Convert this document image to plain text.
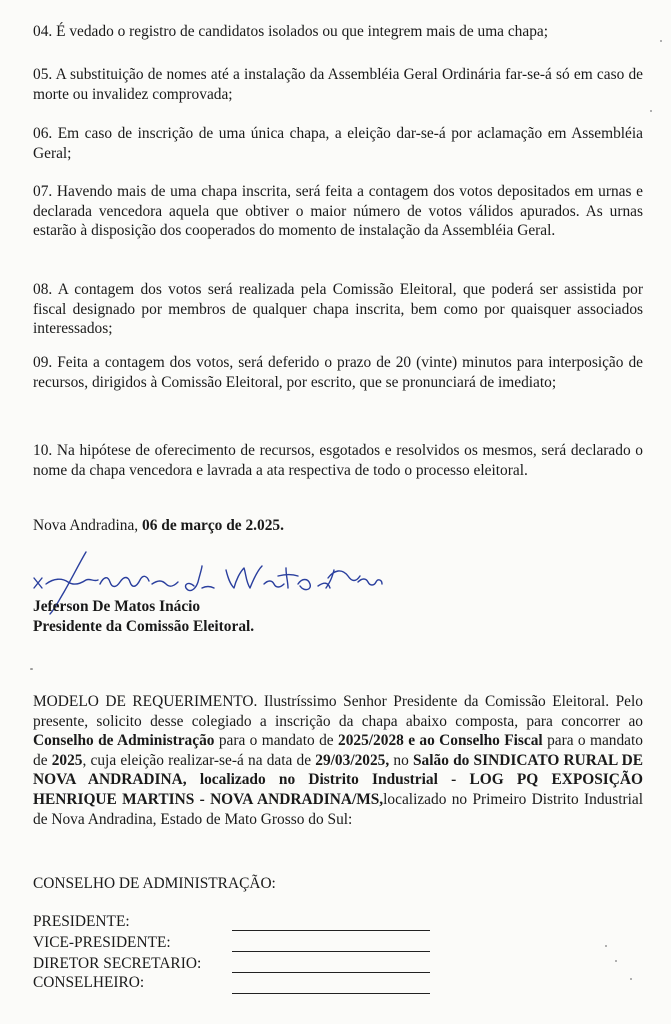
04. É vedado o registro de candidatos isolados ou que integrem mais de uma chapa;

05. A substituição de nomes até a instalação da Assembléia Geral Ordinária far-se-á só em caso de morte ou invalidez comprovada;

06. Em caso de inscrição de uma única chapa, a eleição dar-se-á por aclamação em Assembléia Geral;

07. Havendo mais de uma chapa inscrita, será feita a contagem dos votos depositados em urnas e declarada vencedora aquela que obtiver o maior número de votos válidos apurados. As urnas estarão à disposição dos cooperados do momento de instalação da Assembléia Geral.

08. A contagem dos votos será realizada pela Comissão Eleitoral, que poderá ser assistida por fiscal designado por membros de qualquer chapa inscrita, bem como por quaisquer associados interessados;

09. Feita a contagem dos votos, será deferido o prazo de 20 (vinte) minutos para interposição de recursos, dirigidos à Comissão Eleitoral, por escrito, que se pronunciará de imediato;

10. Na hipótese de oferecimento de recursos, esgotados e resolvidos os mesmos, será declarado o nome da chapa vencedora e lavrada a ata respectiva de todo o processo eleitoral.

Nova Andradina, 06 de março de 2.025.

Jeferson De Matos Inácio
Presidente da Comissão Eleitoral.

MODELO DE REQUERIMENTO. Ilustríssimo Senhor Presidente da Comissão Eleitoral. Pelo presente, solicito desse colegiado a inscrição da chapa abaixo composta, para concorrer ao Conselho de Administração para o mandato de 2025/2028 e ao Conselho Fiscal para o mandato de 2025, cuja eleição realizar-se-á na data de 29/03/2025, no Salão do SINDICATO RURAL DE NOVA ANDRADINA, localizado no Distrito Industrial - LOG PQ EXPOSIÇÃO HENRIQUE MARTINS - NOVA ANDRADINA/MS,localizado no Primeiro Distrito Industrial de Nova Andradina, Estado de Mato Grosso do Sul:

CONSELHO DE ADMINISTRAÇÃO:
PRESIDENTE:
VICE-PRESIDENTE:
DIRETOR SECRETARIO:
CONSELHEIRO:
